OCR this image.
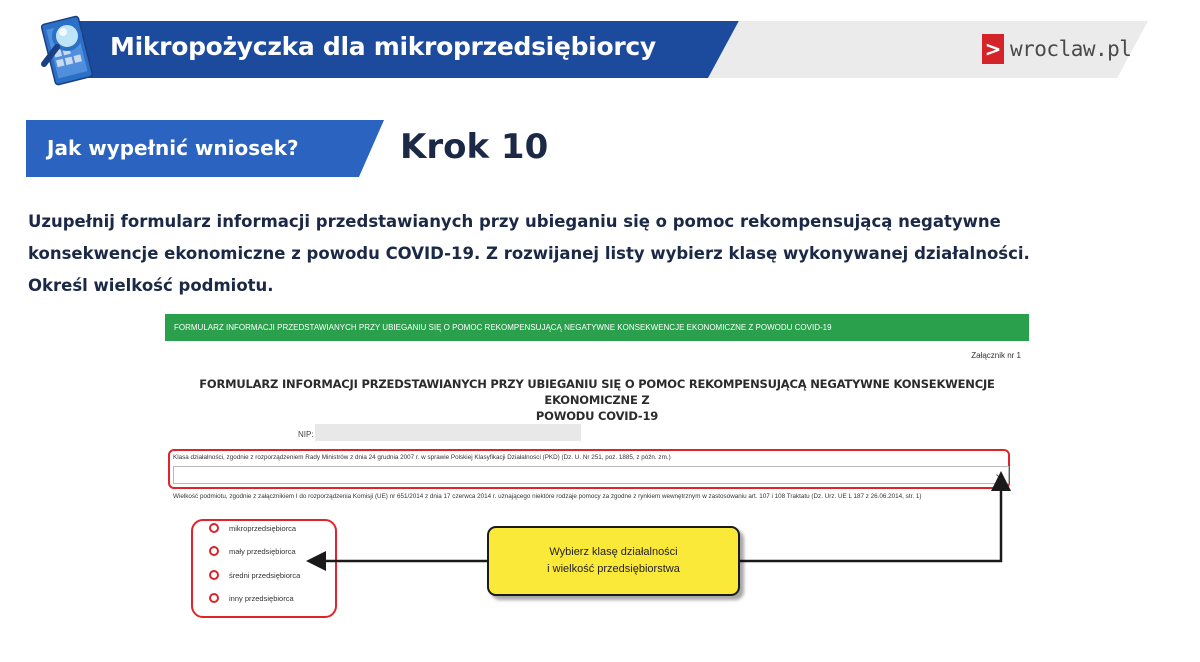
Mikropożyczka dla mikroprzedsiębiorcy	> wroclaw.pl
Jak wypełnić wniosek?	Krok 10
Uzupełnij formularz informacji przedstawianych przy ubieganiu się o pomoc rekompensującą negatywne
konsekwencje ekonomiczne z powodu COVID-19. Z rozwijanej listy wybierz klasę wykonywanej działalności.
Określ wielkość podmiotu.
FORMULARZ INFORMACJI PRZEDSTAWIANYCH PRZY UBIEGANIU SIĘ O POMOC REKOMPENSUJĄCĄ NEGATYWNE KONSEKWENCJE EKONOMICZNE Z POWODU COVID-19
Załącznik nr 1
FORMULARZ INFORMACJI PRZEDSTAWIANYCH PRZY UBIEGANIU SIĘ O POMOC REKOMPENSUJĄCĄ NEGATYWNE KONSEKWENCJE EKONOMICZNE Z
POWODU COVID-19
NIP:
Klasa działalności, zgodnie z rozporządzeniem Rady Ministrów z dnia 24 grudnia 2007 r. w sprawie Polskiej Klasyfikacji Działalności (PKD) (Dz. U. Nr 251, poz. 1885, z późn. zm.)
⌄
Wielkość podmiotu, zgodnie z załącznikiem I do rozporządzenia Komisji (UE) nr 651/2014 z dnia 17 czerwca 2014 r. uznającego niektóre rodzaje pomocy za zgodne z rynkiem wewnętrznym w zastosowaniu art. 107 i 108 Traktatu (Dz. Urz. UE L 187 z 26.06.2014, str. 1)
mikroprzedsiębiorca
mały przedsiębiorca
średni przedsiębiorca
inny przedsiębiorca
Wybierz klasę działalności
i wielkość przedsiębiorstwa
